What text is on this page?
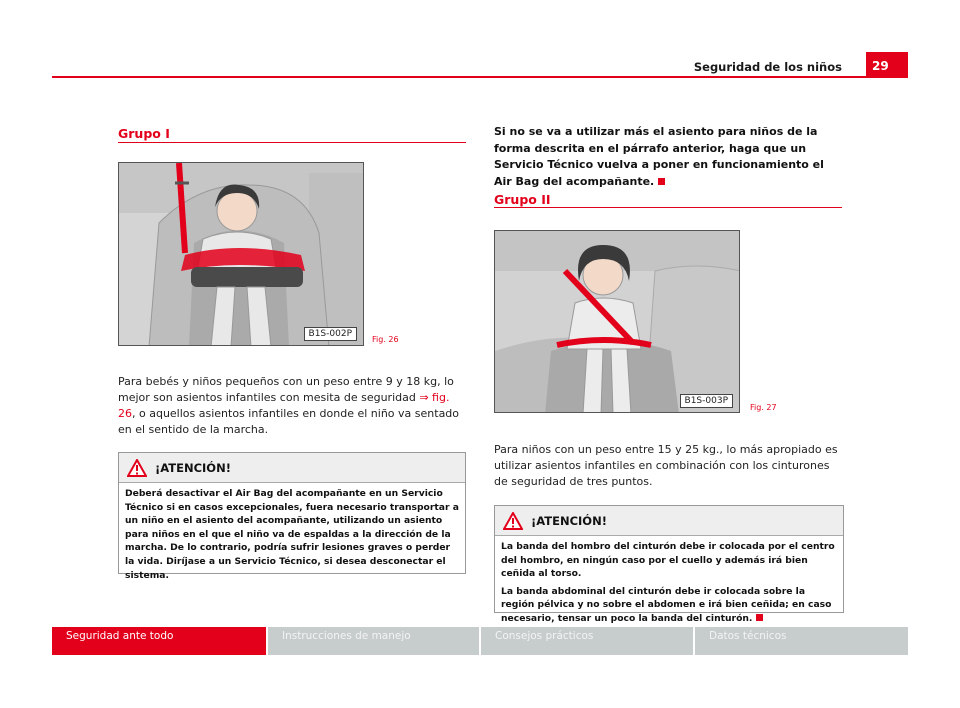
Seguridad de los niños	29
Grupo I
B1S-002P
Fig. 26
Para bebés y niños pequeños con un peso entre 9 y 18 kg, lo mejor son asientos infantiles con mesita de seguridad ⇒ fig. 26, o aquellos asientos infantiles en donde el niño va sentado en el sentido de la marcha.
¡ATENCIÓN!

Deberá desactivar el Air Bag del acompañante en un Servicio Técnico si en casos excepcionales, fuera necesario transportar a un niño en el asiento del acompañante, utilizando un asiento para niños en el que el niño va de espaldas a la dirección de la marcha. De lo contrario, podría sufrir lesiones graves o perder la vida. Diríjase a un Servicio Técnico, si desea desconectar el sistema.

Si no se va a utilizar más el asiento para niños de la forma descrita en el párrafo anterior, haga que un Servicio Técnico vuelva a poner en funcionamiento el Air Bag del acompañante.
Grupo II
B1S-003P
Fig. 27
Para niños con un peso entre 15 y 25 kg., lo más apropiado es utilizar asientos infantiles en combinación con los cinturones de seguridad de tres puntos.
¡ATENCIÓN!

La banda del hombro del cinturón debe ir colocada por el centro del hombro, en ningún caso por el cuello y además irá bien ceñida al torso.

La banda abdominal del cinturón debe ir colocada sobre la región pélvica y no sobre el abdomen e irá bien ceñida; en caso necesario, tensar un poco la banda del cinturón.

Seguridad ante todo	Instrucciones de manejo	Consejos prácticos	Datos técnicos
